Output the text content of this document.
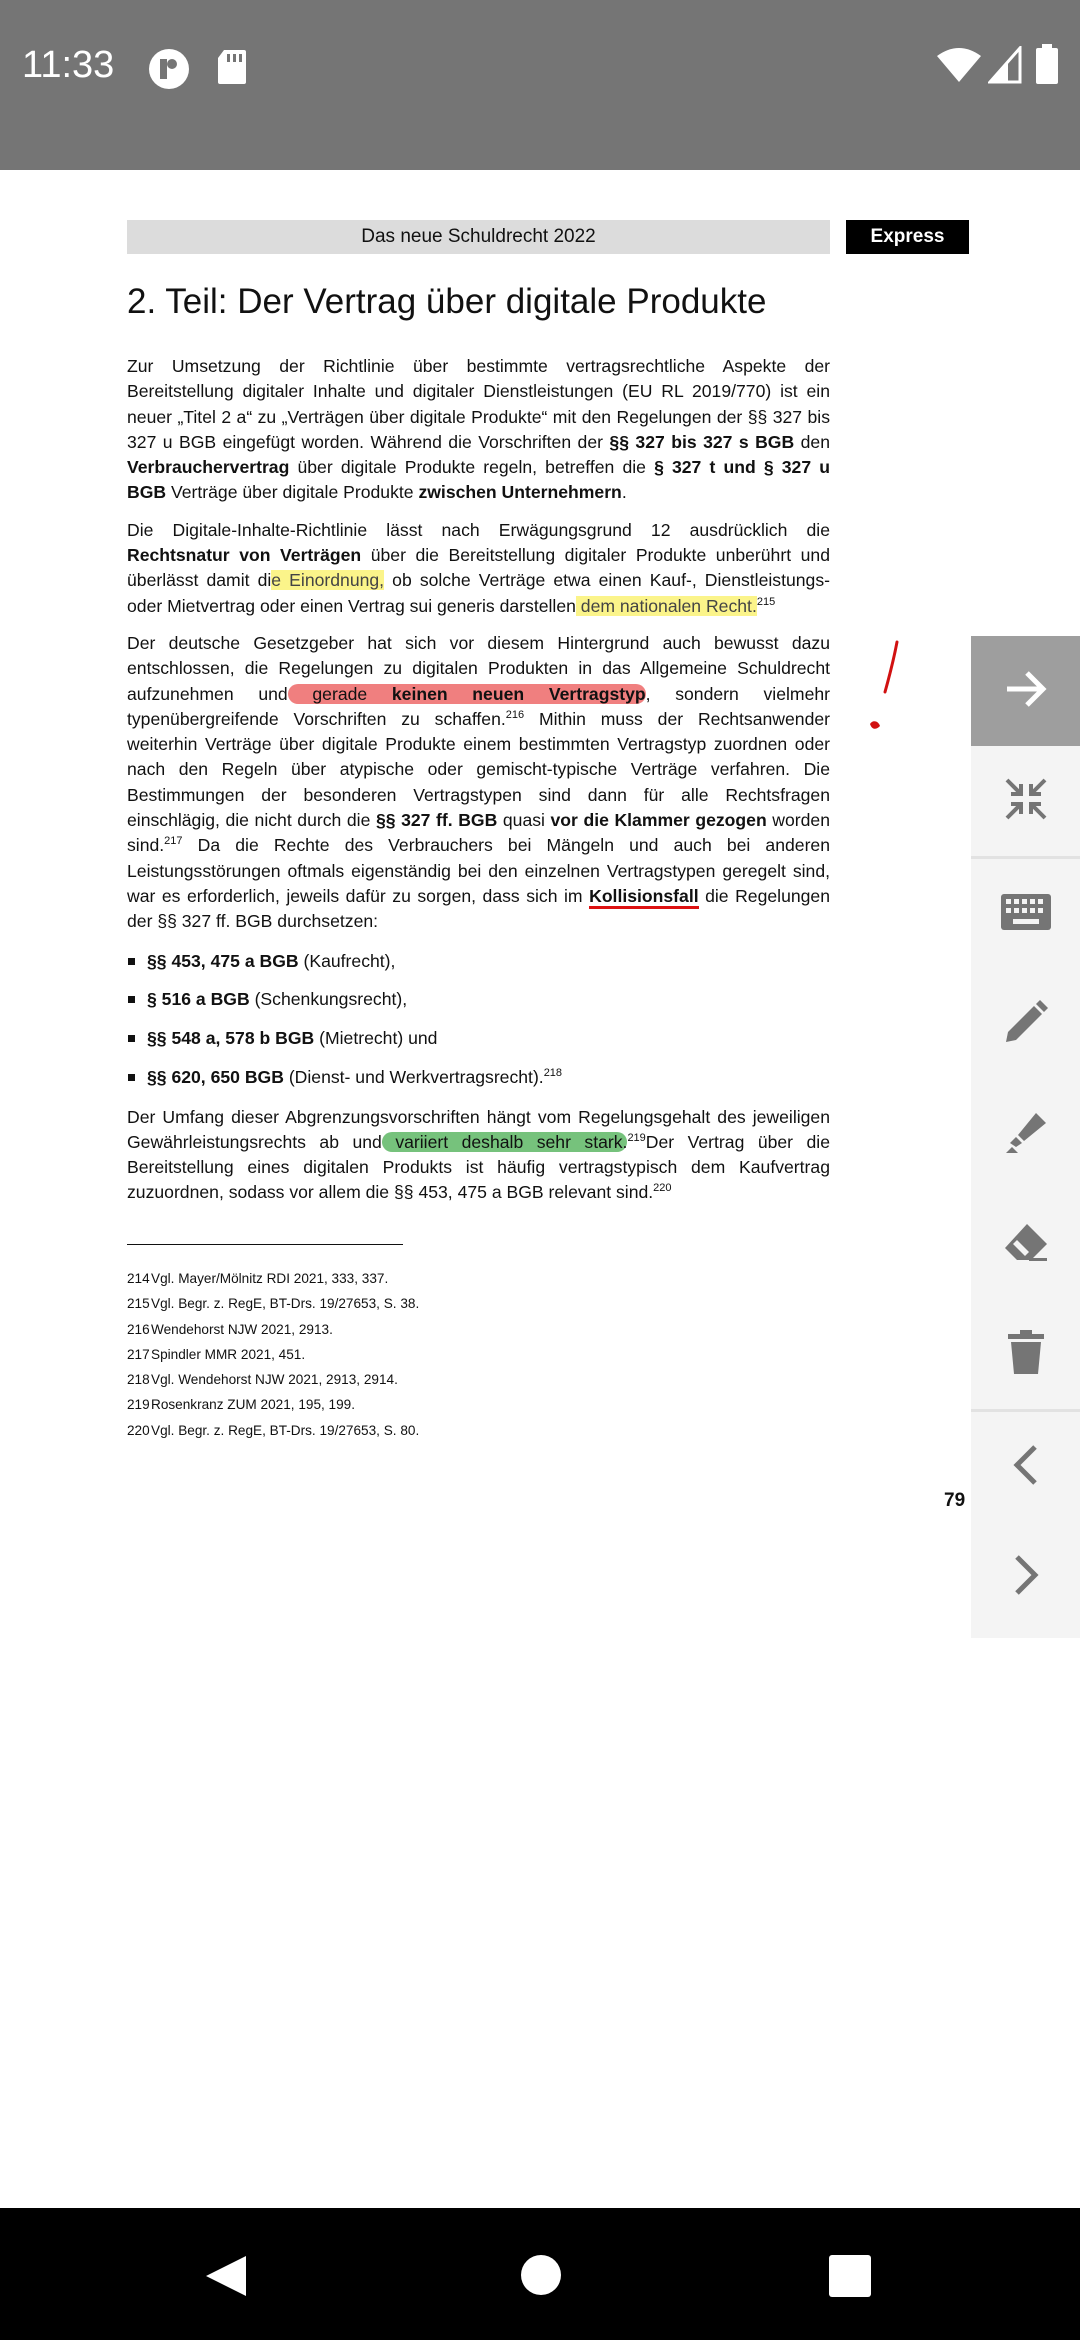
11:33
Das neue Schuldrecht 2022	Express
2. Teil: Der Vertrag über digitale Produkte

Zur Umsetzung der Richtlinie über bestimmte vertragsrechtliche Aspekte der Bereitstellung digitaler Inhalte und digitaler Dienstleistungen (EU RL 2019/770) ist ein neuer „Titel 2 a“ zu „Verträgen über digitale Produkte“ mit den Regelungen der §§ 327 bis 327 u BGB eingefügt worden. Während die Vorschriften der §§ 327 bis 327 s BGB den Verbrauchervertrag über digitale Produkte regeln, betreffen die § 327 t und § 327 u BGB Verträge über digitale Produkte zwischen Unternehmern.

Die Digitale-Inhalte-Richtlinie lässt nach Erwägungsgrund 12 ausdrücklich die Rechtsnatur von Verträgen über die Bereitstellung digitaler Produkte unberührt und überlässt damit die Einordnung, ob solche Verträge etwa einen Kauf-, Dienstleistungs- oder Mietvertrag oder einen Vertrag sui generis darstellen dem nationalen Recht.$^{215}$

Der deutsche Gesetzgeber hat sich vor diesem Hintergrund auch bewusst dazu entschlossen, die Regelungen zu digitalen Produkten in das Allgemeine Schuldrecht aufzunehmen und gerade keinen neuen Vertragstyp, sondern vielmehr typenübergreifende Vorschriften zu schaffen.$^{216}$ Mithin muss der Rechtsanwender weiterhin Verträge über digitale Produkte einem bestimmten Vertragstyp zuordnen oder nach den Regeln über atypische oder gemischt-typische Verträge verfahren. Die Bestimmungen der besonderen Vertragstypen sind dann für alle Rechtsfragen einschlägig, die nicht durch die §§ 327 ff. BGB quasi vor die Klammer gezogen worden sind.$^{217}$ Da die Rechte des Verbrauchers bei Mängeln und auch bei anderen Leistungsstörungen oftmals eigenständig bei den einzelnen Vertragstypen geregelt sind, war es erforderlich, jeweils dafür zu sorgen, dass sich im Kollisionsfall die Regelungen der §§ 327 ff. BGB durchsetzen:

§§ 453, 475 a BGB (Kaufrecht),
§ 516 a BGB (Schenkungsrecht),
§§ 548 a, 578 b BGB (Mietrecht) und
§§ 620, 650 BGB (Dienst- und Werkvertragsrecht).$^{218}$

Der Umfang dieser Abgrenzungsvorschriften hängt vom Regelungsgehalt des jeweiligen Gewährleistungsrechts ab und variiert deshalb sehr stark.$^{219}$Der Vertrag über die Bereitstellung eines digitalen Produkts ist häufig vertragstypisch dem Kaufvertrag zuzuordnen, sodass vor allem die §§ 453, 475 a BGB relevant sind.$^{220}$

214Vgl. Mayer/Mölnitz RDI 2021, 333, 337.
215Vgl. Begr. z. RegE, BT-Drs. 19/27653, S. 38.
216Wendehorst NJW 2021, 2913.
217Spindler MMR 2021, 451.
218Vgl. Wendehorst NJW 2021, 2913, 2914.
219Rosenkranz ZUM 2021, 195, 199.
220Vgl. Begr. z. RegE, BT-Drs. 19/27653, S. 80.
79
